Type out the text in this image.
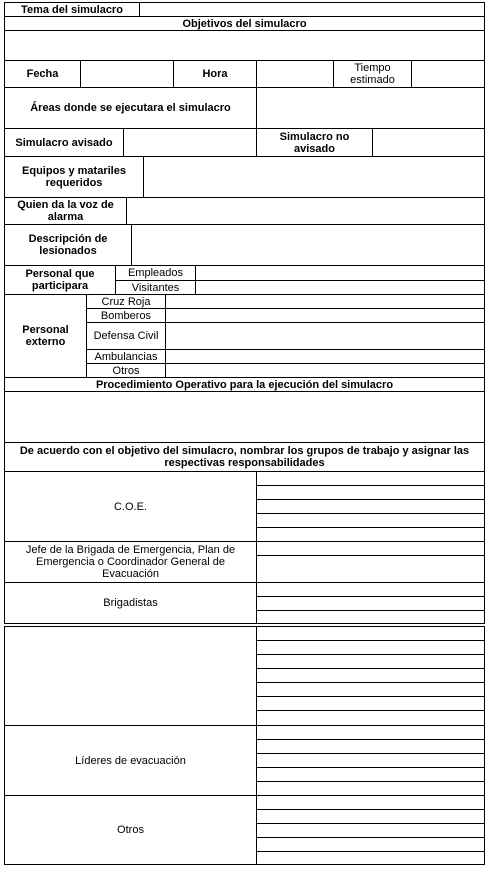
Tema del simulacro
Objetivos del simulacro
Fecha	Hora	Tiempo estimado
Áreas donde se ejecutara el simulacro
Simulacro avisado	Simulacro no avisado
Equipos y matariles requeridos
Quien da la voz de alarma
Descripción de lesionados
Personal que participara
Empleados
Visitantes
Personal externo
Cruz Roja
Bomberos
Defensa Civil
Ambulancias
Otros
Procedimiento Operativo para la ejecución del simulacro
De acuerdo con el objetivo del simulacro, nombrar los grupos de trabajo y asignar las respectivas responsabilidades
C.O.E.
Jefe de la Brigada de Emergencia, Plan de Emergencia o Coordinador General de Evacuación
Brigadistas
Líderes de evacuación
Otros
